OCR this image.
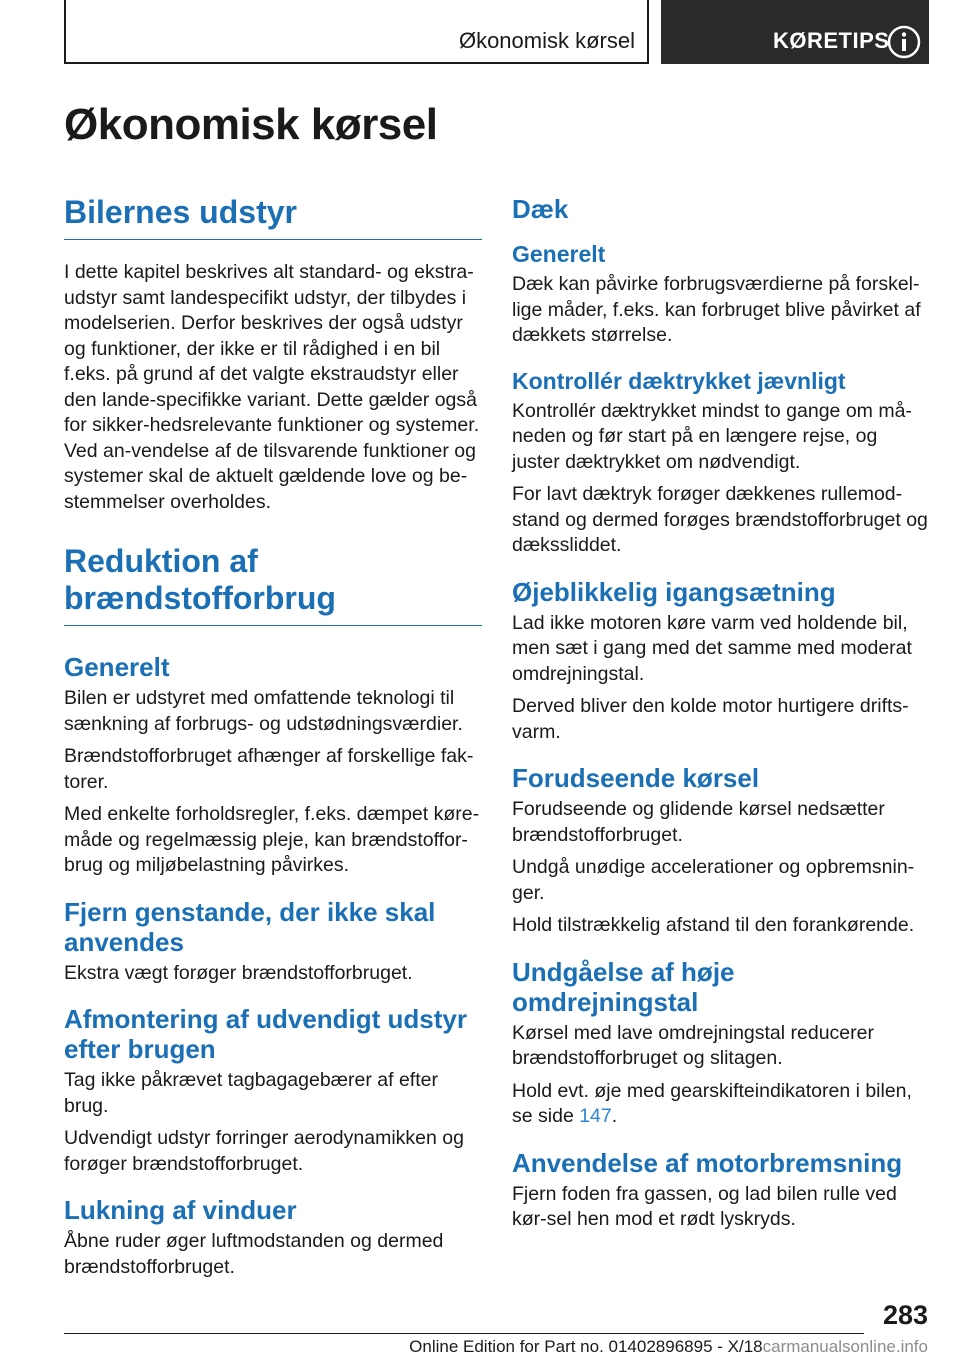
Økonomisk kørsel	KØRETIPS
Økonomisk kørsel
Bilernes udstyr

I dette kapitel beskrives alt standard- og ekstra-udstyr samt landespecifikt udstyr, der tilbydes i modelserien. Derfor beskrives der også udstyr og funktioner, der ikke er til rådighed i en bil f.eks. på grund af det valgte ekstraudstyr eller den lande-specifikke variant. Dette gælder også for sikker-hedsrelevante funktioner og systemer. Ved an-vendelse af de tilsvarende funktioner og systemer skal de aktuelt gældende love og be-stemmelser overholdes.

Reduktion af brændstofforbrug
Generelt

Bilen er udstyret med omfattende teknologi til sænkning af forbrugs- og udstødningsværdier.

Brændstofforbruget afhænger af forskellige fak-torer.

Med enkelte forholdsregler, f.eks. dæmpet køre-måde og regelmæssig pleje, kan brændstoffor-brug og miljøbelastning påvirkes.

Fjern genstande, der ikke skal anvendes

Ekstra vægt forøger brændstofforbruget.

Afmontering af udvendigt udstyr efter brugen

Tag ikke påkrævet tagbagagebærer af efter brug.

Udvendigt udstyr forringer aerodynamikken og forøger brændstofforbruget.

Lukning af vinduer

Åbne ruder øger luftmodstanden og dermed brændstofforbruget.

Dæk
Generelt

Dæk kan påvirke forbrugsværdierne på forskel-lige måder, f.eks. kan forbruget blive påvirket af dækkets størrelse.

Kontrollér dæktrykket jævnligt

Kontrollér dæktrykket mindst to gange om må-neden og før start på en længere rejse, og juster dæktrykket om nødvendigt.

For lavt dæktryk forøger dækkenes rullemod-stand og dermed forøges brændstofforbruget og dækssliddet.

Øjeblikkelig igangsætning

Lad ikke motoren køre varm ved holdende bil, men sæt i gang med det samme med moderat omdrejningstal.

Derved bliver den kolde motor hurtigere drifts-varm.

Forudseende kørsel

Forudseende og glidende kørsel nedsætter brændstofforbruget.

Undgå unødige accelerationer og opbremsnin-ger.

Hold tilstrækkelig afstand til den forankørende.

Undgåelse af høje omdrejningstal

Kørsel med lave omdrejningstal reducerer brændstofforbruget og slitagen.

Hold evt. øje med gearskifteindikatoren i bilen, se side 147.

Anvendelse af motorbremsning

Fjern foden fra gassen, og lad bilen rulle ved kør-sel hen mod et rødt lyskryds.

283
Online Edition for Part no. 01402896895 - X/18carmanualsonline.info
